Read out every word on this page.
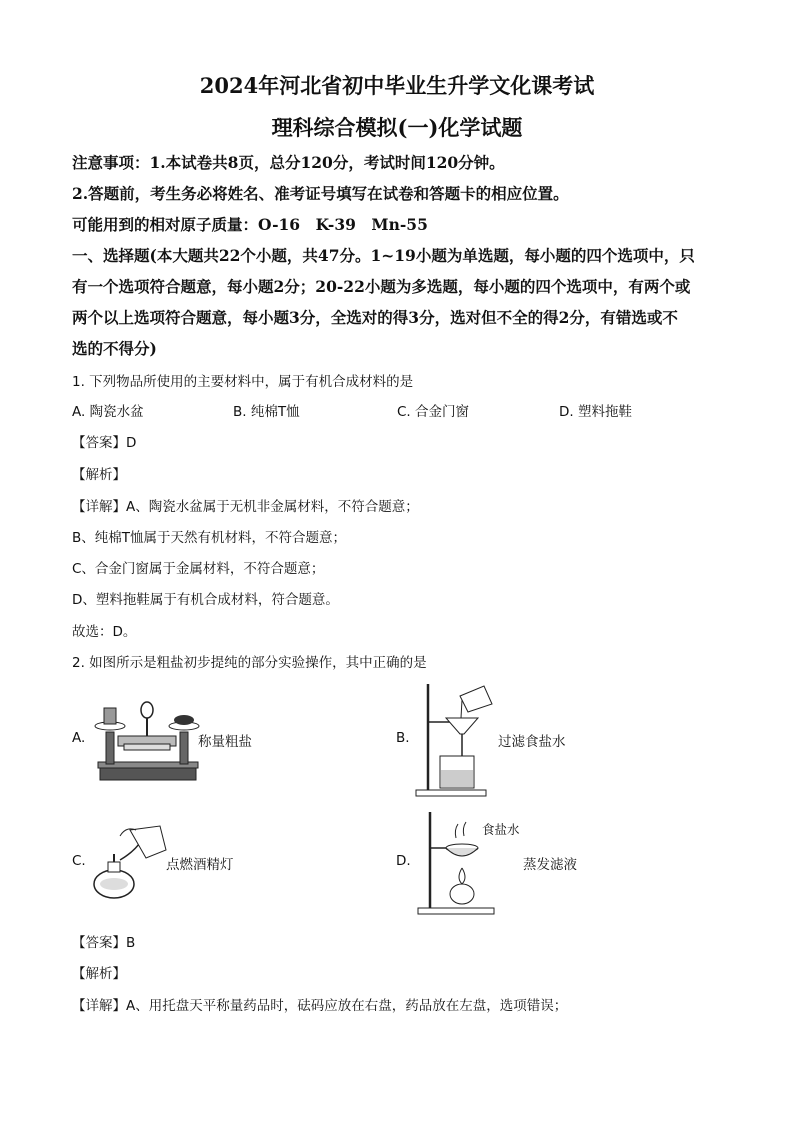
2024年河北省初中毕业生升学文化课考试
理科综合模拟(一)化学试题
注意事项：1.本试卷共8页，总分120分，考试时间120分钟。
2.答题前，考生务必将姓名、准考证号填写在试卷和答题卡的相应位置。
可能用到的相对原子质量：O-16　K-39　Mn-55
一、选择题(本大题共22个小题，共47分。1~19小题为单选题，每小题的四个选项中，只
有一个选项符合题意，每小题2分；20-22小题为多选题，每小题的四个选项中，有两个或
两个以上选项符合题意，每小题3分，全选对的得3分，选对但不全的得2分，有错选或不
选的不得分)
1. 下列物品所使用的主要材料中，属于有机合成材料的是
A. 陶瓷水盆	B. 纯棉T恤	C. 合金门窗	D. 塑料拖鞋
【答案】D
【解析】
【详解】A、陶瓷水盆属于无机非金属材料，不符合题意；
B、纯棉T恤属于天然有机材料，不符合题意；
C、合金门窗属于金属材料，不符合题意；
D、塑料拖鞋属于有机合成材料，符合题意。
故选：D。
2. 如图所示是粗盐初步提纯的部分实验操作，其中正确的是
A.	称量粗盐	B.	过滤食盐水
C.	点燃酒精灯	D.
食盐水
蒸发滤液
【答案】B
【解析】
【详解】A、用托盘天平称量药品时，砝码应放在右盘，药品放在左盘，选项错误；
